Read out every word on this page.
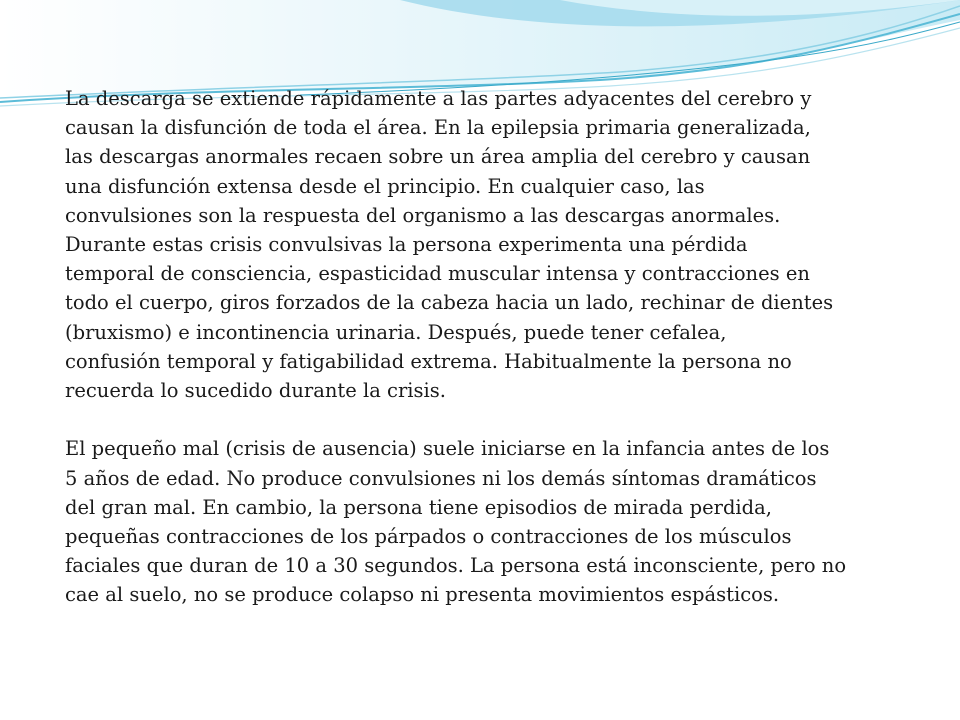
La descarga se extiende rápidamente a las partes adyacentes del cerebro y
causan la disfunción de toda el área. En la epilepsia primaria generalizada,
las descargas anormales recaen sobre un área amplia del cerebro y causan
una disfunción extensa desde el principio. En cualquier caso, las
convulsiones son la respuesta del organismo a las descargas anormales.
Durante estas crisis convulsivas la persona experimenta una pérdida
temporal de consciencia, espasticidad muscular intensa y contracciones en
todo el cuerpo, giros forzados de la cabeza hacia un lado, rechinar de dientes
(bruxismo) e incontinencia urinaria. Después, puede tener cefalea,
confusión temporal y fatigabilidad extrema. Habitualmente la persona no
recuerda lo sucedido durante la crisis.

El pequeño mal (crisis de ausencia) suele iniciarse en la infancia antes de los
5 años de edad. No produce convulsiones ni los demás síntomas dramáticos
del gran mal. En cambio, la persona tiene episodios de mirada perdida,
pequeñas contracciones de los párpados o contracciones de los músculos
faciales que duran de 10 a 30 segundos. La persona está inconsciente, pero no
cae al suelo, no se produce colapso ni presenta movimientos espásticos.
